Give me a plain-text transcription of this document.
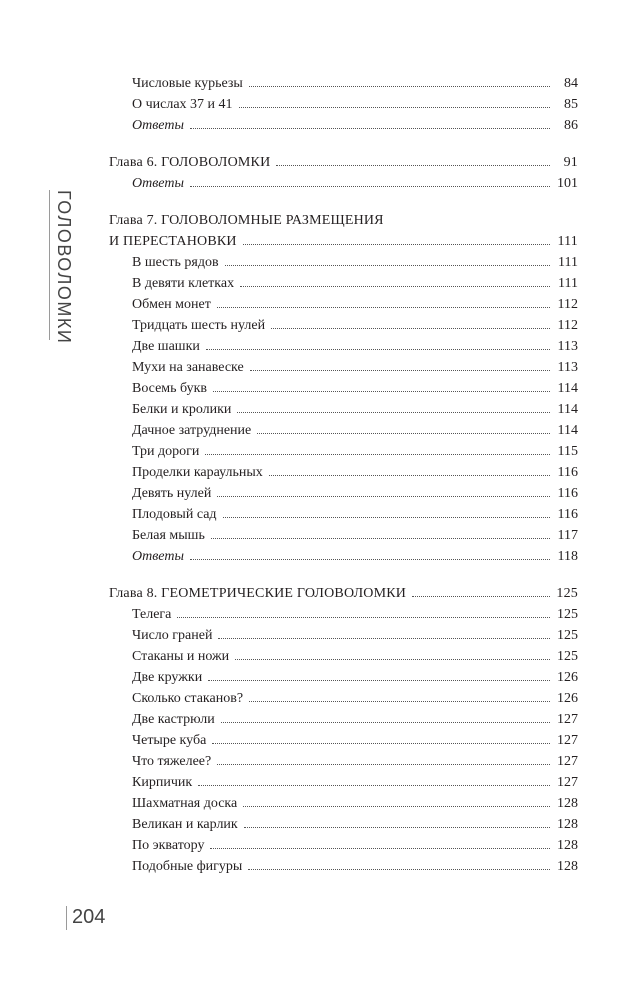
ГОЛОВОЛОМКИ
Числовые курьезы	84
О числах 37 и 41	85
Ответы	86
Глава 6. ГОЛОВОЛОМКИ	91
Ответы	101
Глава 7. ГОЛОВОЛОМНЫЕ РАЗМЕЩЕНИЯ
И ПЕРЕСТАНОВКИ	111
В шесть рядов	111
В девяти клетках	111
Обмен монет	112
Тридцать шесть нулей	112
Две шашки	113
Мухи на занавеске	113
Восемь букв	114
Белки и кролики	114
Дачное затруднение	114
Три дороги	115
Проделки караульных	116
Девять нулей	116
Плодовый сад	116
Белая мышь	117
Ответы	118
Глава 8. ГЕОМЕТРИЧЕСКИЕ ГОЛОВОЛОМКИ	125
Телега	125
Число граней	125
Стаканы и ножи	125
Две кружки	126
Сколько стаканов?	126
Две кастрюли	127
Четыре куба	127
Что тяжелее?	127
Кирпичик	127
Шахматная доска	128
Великан и карлик	128
По экватору	128
Подобные фигуры	128
204
